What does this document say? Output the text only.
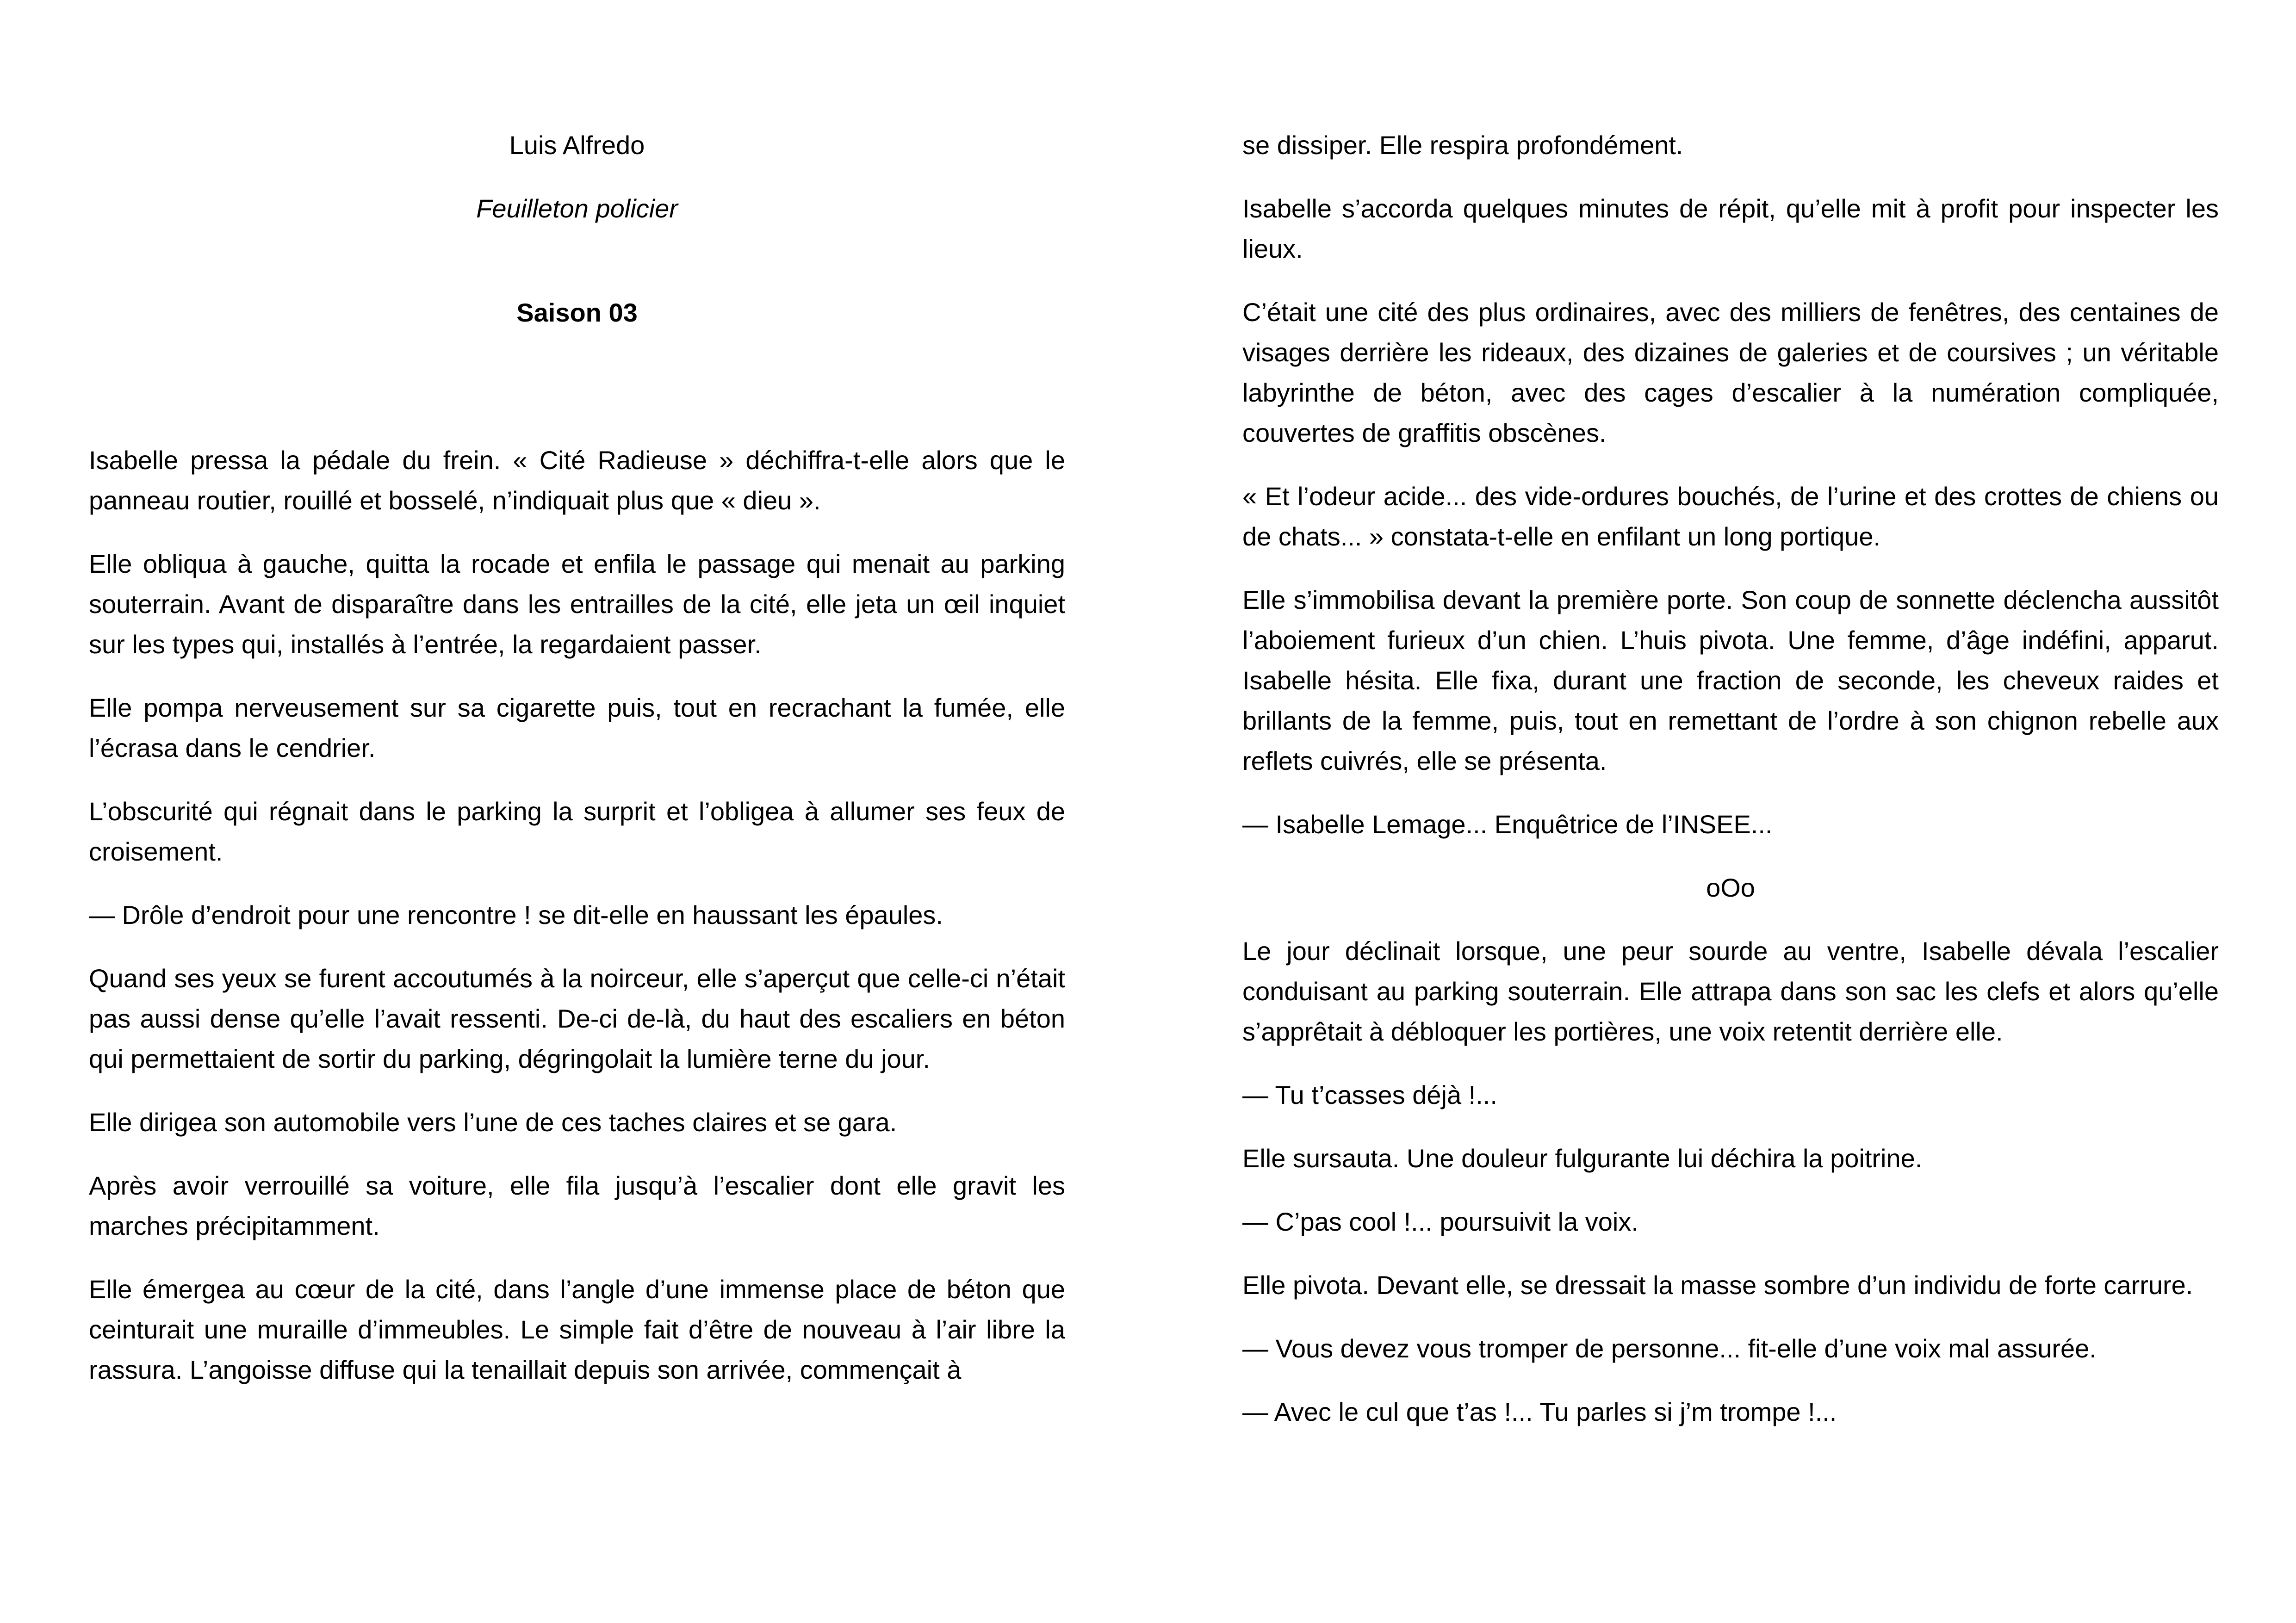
Luis Alfredo

Feuilleton policier

Saison 03

Isabelle pressa la pédale du frein. « Cité Radieuse » déchiffra-t-elle alors que le panneau routier, rouillé et bosselé, n’indiquait plus que « dieu ».

Elle obliqua à gauche, quitta la rocade et enfila le passage qui menait au parking souterrain. Avant de disparaître dans les entrailles de la cité, elle jeta un œil inquiet sur les types qui, installés à l’entrée, la regardaient passer.

Elle pompa nerveusement sur sa cigarette puis, tout en recrachant la fumée, elle l’écrasa dans le cendrier.

L’obscurité qui régnait dans le parking la surprit et l’obligea à allumer ses feux de croisement.

— Drôle d’endroit pour une rencontre ! se dit-elle en haussant les épaules.

Quand ses yeux se furent accoutumés à la noirceur, elle s’aperçut que celle-ci n’était pas aussi dense qu’elle l’avait ressenti. De-ci de-là, du haut des escaliers en béton qui permettaient de sortir du parking, dégringolait la lumière terne du jour.

Elle dirigea son automobile vers l’une de ces taches claires et se gara.

Après avoir verrouillé sa voiture, elle fila jusqu’à l’escalier dont elle gravit les marches précipitamment.

Elle émergea au cœur de la cité, dans l’angle d’une immense place de béton que ceinturait une muraille d’immeubles. Le simple fait d’être de nouveau à l’air libre la rassura. L’angoisse diffuse qui la tenaillait depuis son arrivée, commençait à

se dissiper. Elle respira profondément.

Isabelle s’accorda quelques minutes de répit, qu’elle mit à profit pour inspecter les lieux.

C’était une cité des plus ordinaires, avec des milliers de fenêtres, des centaines de visages derrière les rideaux, des dizaines de galeries et de coursives ; un véritable labyrinthe de béton, avec des cages d’escalier à la numération compliquée, couvertes de graffitis obscènes.

« Et l’odeur acide... des vide-ordures bouchés, de l’urine et des crottes de chiens ou de chats... » constata-t-elle en enfilant un long portique.

Elle s’immobilisa devant la première porte. Son coup de sonnette déclencha aussitôt l’aboiement furieux d’un chien. L’huis pivota. Une femme, d’âge indéfini, apparut. Isabelle hésita. Elle fixa, durant une fraction de seconde, les cheveux raides et brillants de la femme, puis, tout en remettant de l’ordre à son chignon rebelle aux reflets cuivrés, elle se présenta.

— Isabelle Lemage... Enquêtrice de l’INSEE...

oOo

Le jour déclinait lorsque, une peur sourde au ventre, Isabelle dévala l’escalier conduisant au parking souterrain. Elle attrapa dans son sac les clefs et alors qu’elle s’apprêtait à débloquer les portières, une voix retentit derrière elle.

— Tu t’casses déjà !...

Elle sursauta. Une douleur fulgurante lui déchira la poitrine.

— C’pas cool !... poursuivit la voix.

Elle pivota. Devant elle, se dressait la masse sombre d’un individu de forte carrure.

— Vous devez vous tromper de personne... fit-elle d’une voix mal assurée.

— Avec le cul que t’as !... Tu parles si j’m trompe !...
